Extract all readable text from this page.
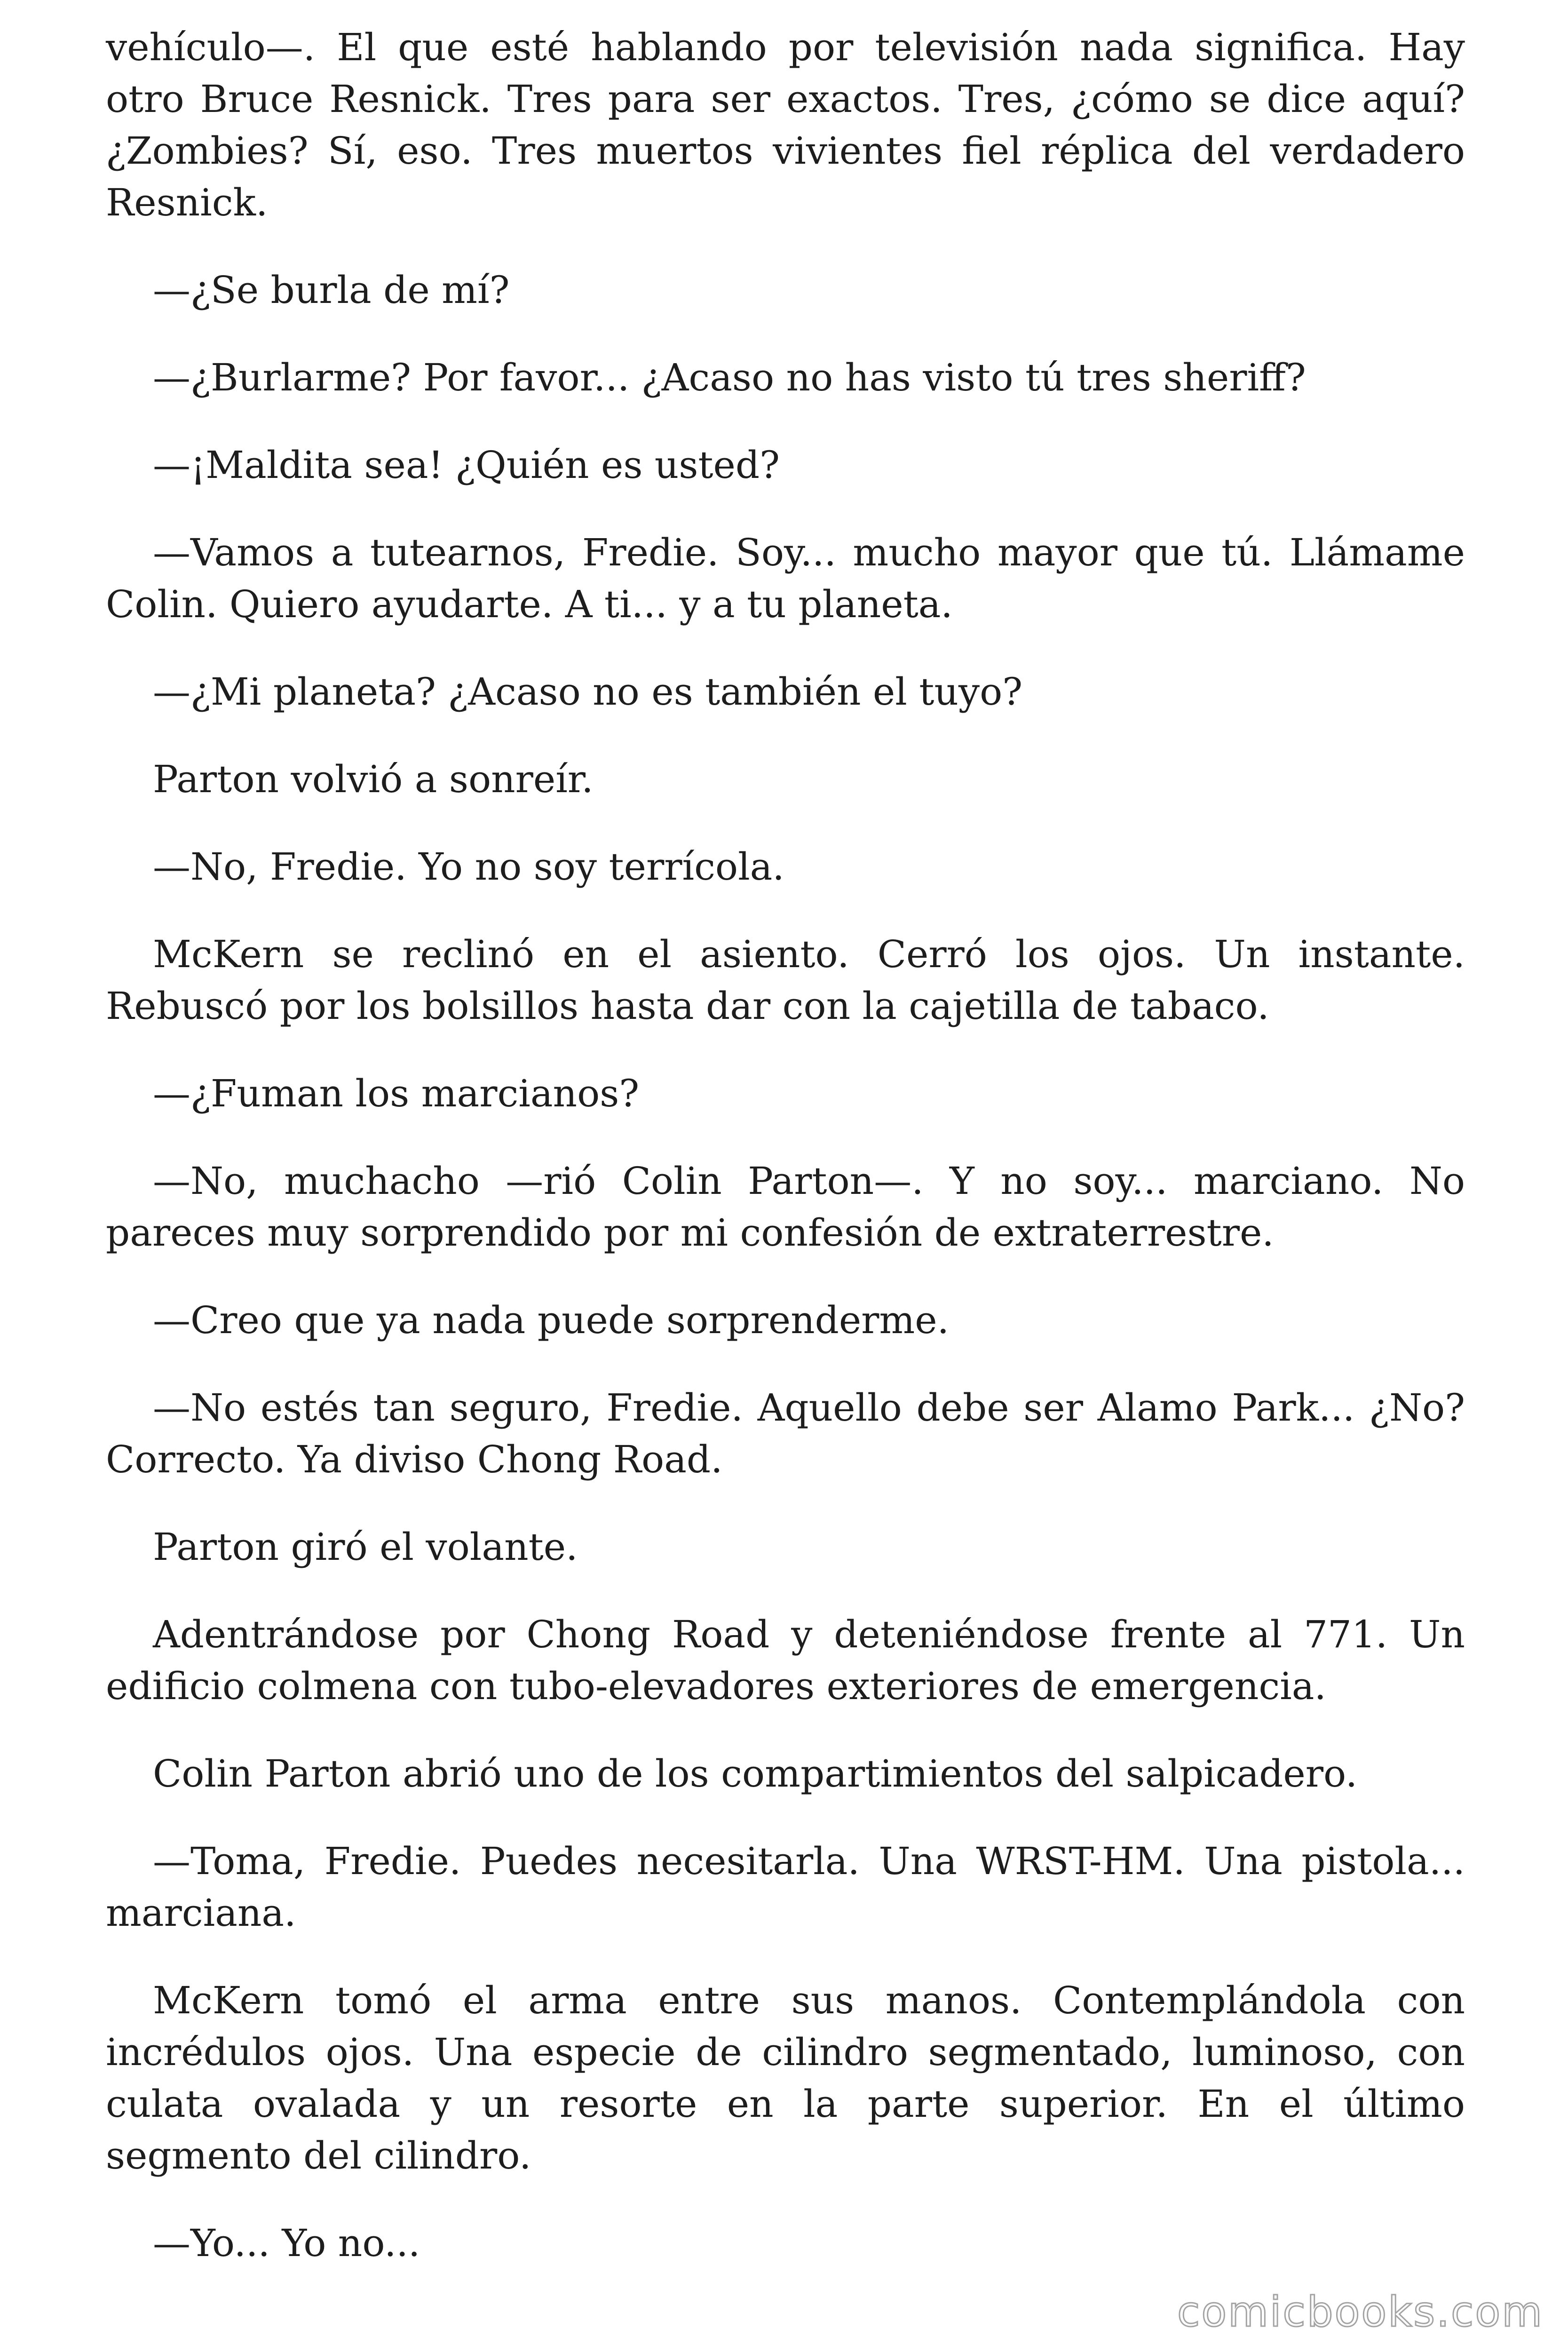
vehículo—. El que esté hablando por televisión nada significa. Hay otro Bruce Resnick. Tres para ser exactos. Tres, ¿cómo se dice aquí? ¿Zombies? Sí, eso. Tres muertos vivientes fiel réplica del verdadero Resnick.

—¿Se burla de mí?

—¿Burlarme? Por favor... ¿Acaso no has visto tú tres sheriff?

—¡Maldita sea! ¿Quién es usted?

—Vamos a tutearnos, Fredie. Soy... mucho mayor que tú. Llámame Colin. Quiero ayudarte. A ti... y a tu planeta.

—¿Mi planeta? ¿Acaso no es también el tuyo?

Parton volvió a sonreír.

—No, Fredie. Yo no soy terrícola.

McKern se reclinó en el asiento. Cerró los ojos. Un instante. Rebuscó por los bolsillos hasta dar con la cajetilla de tabaco.

—¿Fuman los marcianos?

—No, muchacho —rió Colin Parton—. Y no soy... marciano. No pareces muy sorprendido por mi confesión de extraterrestre.

—Creo que ya nada puede sorprenderme.

—No estés tan seguro, Fredie. Aquello debe ser Alamo Park... ¿No? Correcto. Ya diviso Chong Road.

Parton giró el volante.

Adentrándose por Chong Road y deteniéndose frente al 771. Un edificio colmena con tubo-elevadores exteriores de emergencia.

Colin Parton abrió uno de los compartimientos del salpicadero.

—Toma, Fredie. Puedes necesitarla. Una WRST-HM. Una pistola... marciana.

McKern tomó el arma entre sus manos. Contemplándola con incrédulos ojos. Una especie de cilindro segmentado, luminoso, con culata ovalada y un resorte en la parte superior. En el último segmento del cilindro.

—Yo... Yo no...

comicbooks.com
